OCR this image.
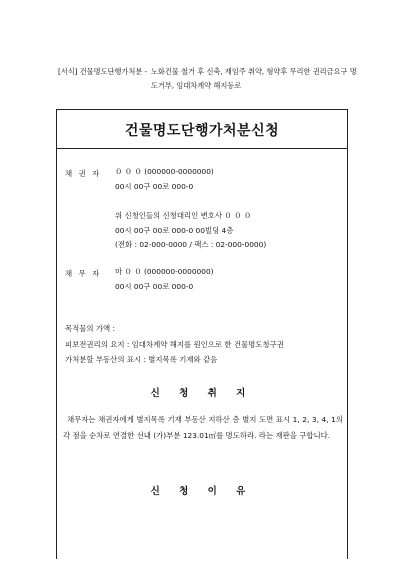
[서식] 건물명도단행가처분 - 노화건물 철거 후 신축, 재임주 취약, 형약후 무리한 권리금요구 명도거부, 임대차계약 해지등로
건물명도단행가처분신청
채 권 자 ０ ０ ０ (000000-0000000)
00시 00구 00로 000-0
위 신청인들의 신청대리인 변호사 ０ ０ ０
00시 00구 00로 000-0 00빌딩 4층
(전화 : 02-000-0000 / 팩스 : 02-000-0000)
채 무 자 마 ０ ０ (000000-0000000)
00시 00구 00로 000-0
목적물의 가액 :
피보전권리의 요지 : 임대차계약 해지를 원인으로 한 건물명도청구권
가처분할 부동산의 표시 : 별지목록 기재와 같음
신 청 취 지
채무자는 채권자에게 별지목록 기재 부동산 지하산 층 별지 도면 표시 1, 2, 3, 4, 1의 각 점을 순차로 연결한 선내 (가)부분 123.01㎡를 명도하라. 라는 재판을 구합니다.
신 청 이 유
